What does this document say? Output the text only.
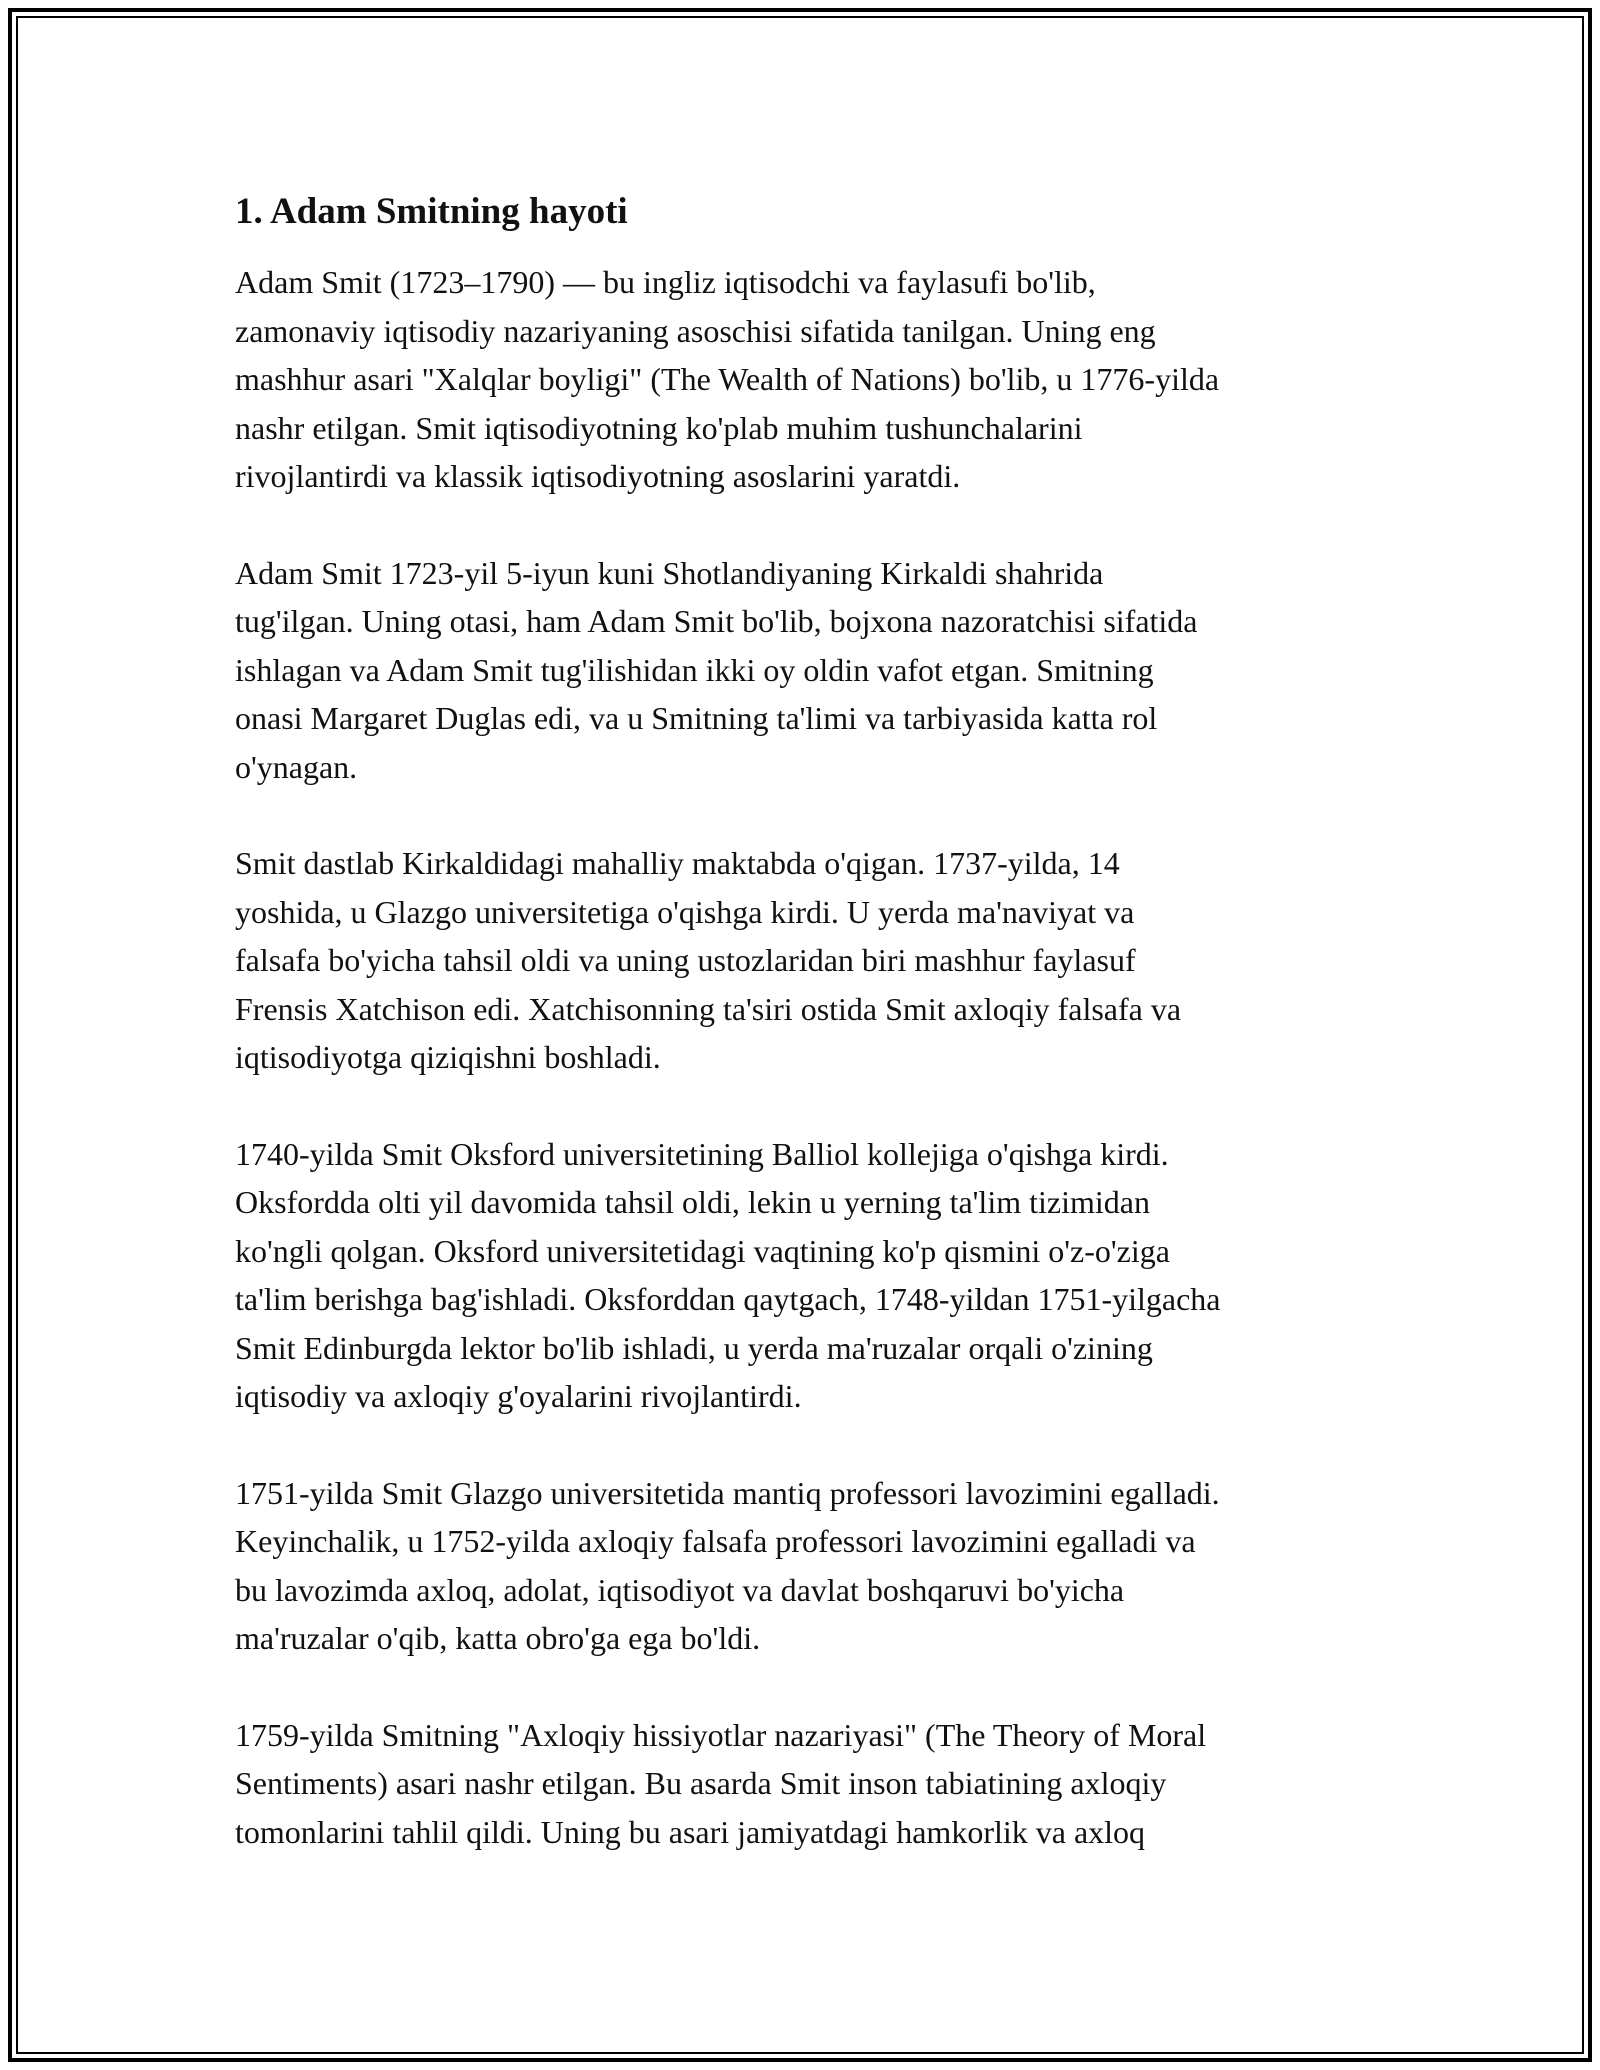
1. Adam Smitning hayoti
Adam Smit (1723–1790) — bu ingliz iqtisodchi va faylasufi bo'lib,
zamonaviy iqtisodiy nazariyaning asoschisi sifatida tanilgan. Uning eng
mashhur asari "Xalqlar boyligi" (The Wealth of Nations) bo'lib, u 1776-yilda
nashr etilgan. Smit iqtisodiyotning ko'plab muhim tushunchalarini
rivojlantirdi va klassik iqtisodiyotning asoslarini yaratdi.
Adam Smit 1723-yil 5-iyun kuni Shotlandiyaning Kirkaldi shahrida
tug'ilgan. Uning otasi, ham Adam Smit bo'lib, bojxona nazoratchisi sifatida
ishlagan va Adam Smit tug'ilishidan ikki oy oldin vafot etgan. Smitning
onasi Margaret Duglas edi, va u Smitning ta'limi va tarbiyasida katta rol
o'ynagan.
Smit dastlab Kirkaldidagi mahalliy maktabda o'qigan. 1737-yilda, 14
yoshida, u Glazgo universitetiga o'qishga kirdi. U yerda ma'naviyat va
falsafa bo'yicha tahsil oldi va uning ustozlaridan biri mashhur faylasuf
Frensis Xatchison edi. Xatchisonning ta'siri ostida Smit axloqiy falsafa va
iqtisodiyotga qiziqishni boshladi.
1740-yilda Smit Oksford universitetining Balliol kollejiga o'qishga kirdi.
Oksfordda olti yil davomida tahsil oldi, lekin u yerning ta'lim tizimidan
ko'ngli qolgan. Oksford universitetidagi vaqtining ko'p qismini o'z-o'ziga
ta'lim berishga bag'ishladi. Oksforddan qaytgach, 1748-yildan 1751-yilgacha
Smit Edinburgda lektor bo'lib ishladi, u yerda ma'ruzalar orqali o'zining
iqtisodiy va axloqiy g'oyalarini rivojlantirdi.
1751-yilda Smit Glazgo universitetida mantiq professori lavozimini egalladi.
Keyinchalik, u 1752-yilda axloqiy falsafa professori lavozimini egalladi va
bu lavozimda axloq, adolat, iqtisodiyot va davlat boshqaruvi bo'yicha
ma'ruzalar o'qib, katta obro'ga ega bo'ldi.
1759-yilda Smitning "Axloqiy hissiyotlar nazariyasi" (The Theory of Moral
Sentiments) asari nashr etilgan. Bu asarda Smit inson tabiatining axloqiy
tomonlarini tahlil qildi. Uning bu asari jamiyatdagi hamkorlik va axloq
